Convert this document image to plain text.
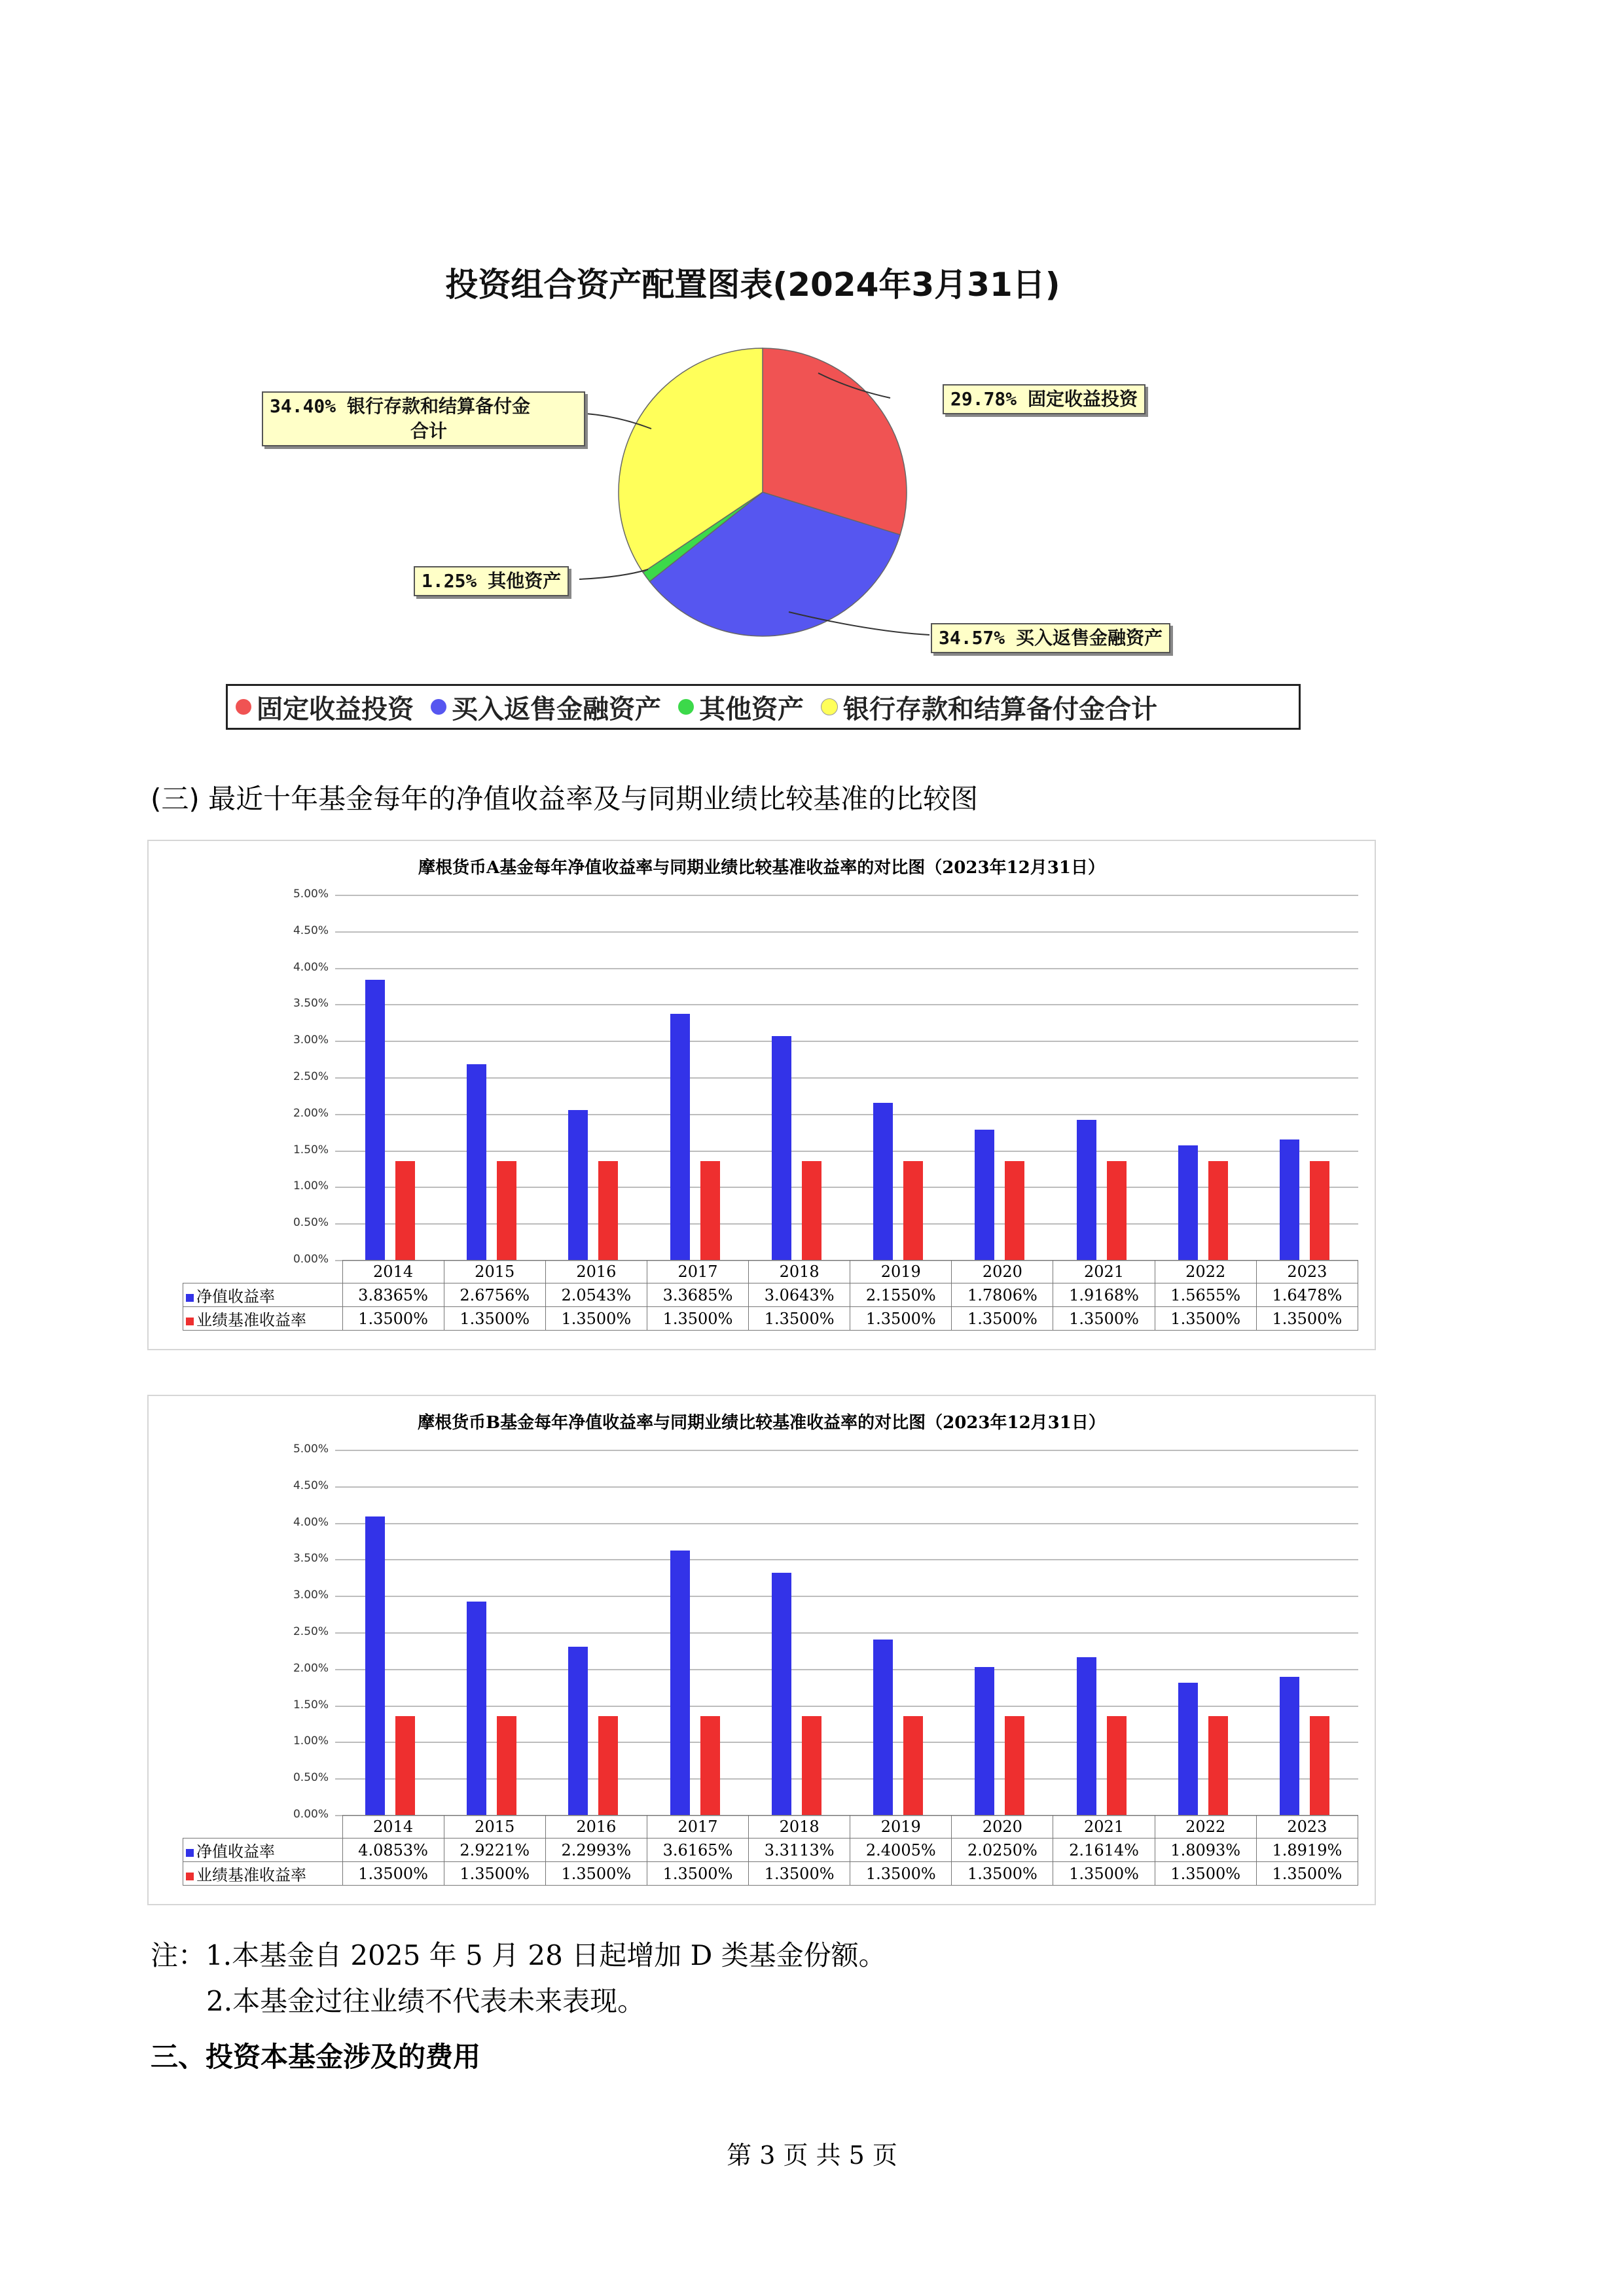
投资组合资产配置图表(2024年3月31日)
29.78% 固定收益投资
34.57% 买入返售金融资产
1.25% 其他资产
34.40% 银行存款和结算备付金
合计
固定收益投资 买入返售金融资产 其他资产 银行存款和结算备付金合计
(三) 最近十年基金每年的净值收益率及与同期业绩比较基准的比较图
摩根货币A基金每年净值收益率与同期业绩比较基准收益率的对比图（2023年12月31日）
0.00%
0.50%
1.00%
1.50%
2.00%
2.50%
3.00%
3.50%
4.00%
4.50%
5.00%
	2014	2015	2016	2017	2018	2019	2020	2021	2022	2023
净值收益率	3.8365%	2.6756%	2.0543%	3.3685%	3.0643%	2.1550%	1.7806%	1.9168%	1.5655%	1.6478%
业绩基准收益率	1.3500%	1.3500%	1.3500%	1.3500%	1.3500%	1.3500%	1.3500%	1.3500%	1.3500%	1.3500%
摩根货币B基金每年净值收益率与同期业绩比较基准收益率的对比图（2023年12月31日）
0.00%
0.50%
1.00%
1.50%
2.00%
2.50%
3.00%
3.50%
4.00%
4.50%
5.00%
	2014	2015	2016	2017	2018	2019	2020	2021	2022	2023
净值收益率	4.0853%	2.9221%	2.2993%	3.6165%	3.3113%	2.4005%	2.0250%	2.1614%	1.8093%	1.8919%
业绩基准收益率	1.3500%	1.3500%	1.3500%	1.3500%	1.3500%	1.3500%	1.3500%	1.3500%	1.3500%	1.3500%
注：1.本基金自 2025 年 5 月 28 日起增加 D 类基金份额。
2.本基金过往业绩不代表未来表现。
三、投资本基金涉及的费用
第 3 页 共 5 页
